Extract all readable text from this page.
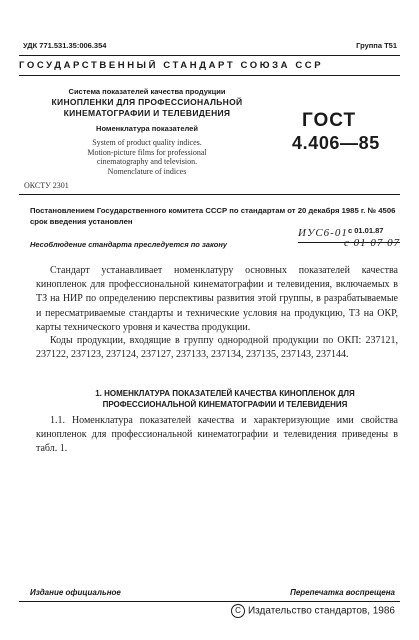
УДК 771.531.35:006.354	Группа Т51
ГОСУДАРСТВЕННЫЙ СТАНДАРТ СОЮЗА ССР
Система показателей качества продукции
КИНОПЛЕНКИ ДЛЯ ПРОФЕССИОНАЛЬНОЙ
КИНЕМАТОГРАФИИ И ТЕЛЕВИДЕНИЯ
Номенклатура показателей
System of product quality indices.
Motion-picture films for professional
cinematography and television.
Nomenclature of indices
ГОСТ
4.406—85
ОКСТУ 2301
Постановлением Государственного комитета СССР по стандартам от 20 декабря 1985 г. № 4506 срок введения установлен
ИУС6-01 с 01.01.87
Несоблюдение стандарта преследуется по закону	с 01 07 07
Стандарт устанавливает номенклатуру основных показателей качества кинопленок для профессиональной кинематографии и телевидения, включаемых в ТЗ на НИР по определению перспективы развития этой группы, в разрабатываемые и пересматриваемые стандарты и технические условия на продукцию, ТЗ на ОКР, карты технического уровня и качества продукции.
Коды продукции, входящие в группу однородной продукции по ОКП: 237121, 237122, 237123, 237124, 237127, 237133, 237134, 237135, 237143, 237144.
1. НОМЕНКЛАТУРА ПОКАЗАТЕЛЕЙ КАЧЕСТВА КИНОПЛЕНОК ДЛЯ ПРОФЕССИОНАЛЬНОЙ КИНЕМАТОГРАФИИ И ТЕЛЕВИДЕНИЯ
1.1. Номенклатура показателей качества и характеризующие ими свойства кинопленок для профессиональной кинематографии и телевидения приведены в табл. 1.
Издание официальное	Перепечатка воспрещена
C Издательство стандартов, 1986
